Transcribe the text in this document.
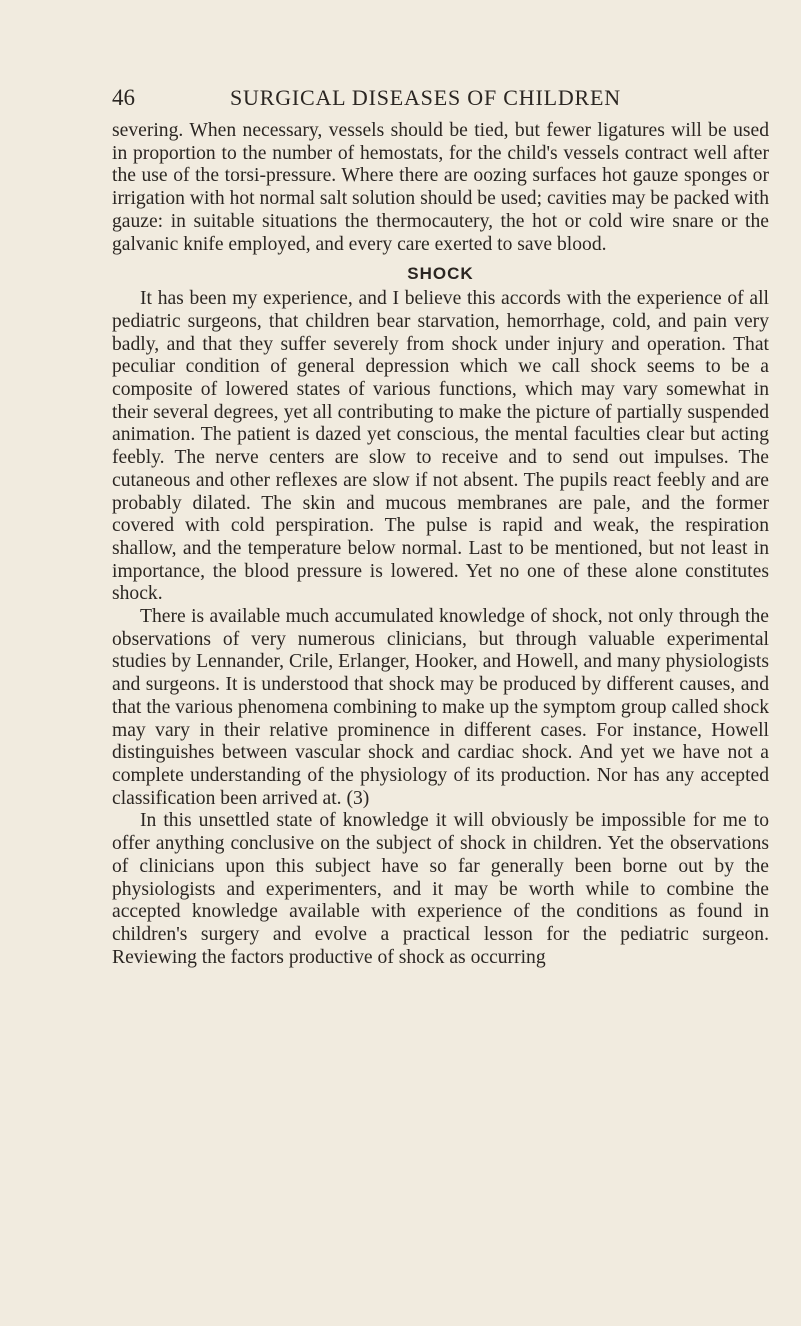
46	SURGICAL DISEASES OF CHILDREN

severing. When necessary, vessels should be tied, but fewer ligatures will be used in proportion to the number of hemostats, for the child's vessels contract well after the use of the torsi-pressure. Where there are oozing surfaces hot gauze sponges or irrigation with hot normal salt solution should be used; cavities may be packed with gauze: in suitable situations the thermocautery, the hot or cold wire snare or the galvanic knife employed, and every care exerted to save blood.

SHOCK

It has been my experience, and I believe this accords with the experience of all pediatric surgeons, that children bear starvation, hemorrhage, cold, and pain very badly, and that they suffer severely from shock under injury and operation. That peculiar condition of general depression which we call shock seems to be a composite of lowered states of various functions, which may vary somewhat in their several degrees, yet all contributing to make the picture of partially suspended animation. The patient is dazed yet conscious, the mental faculties clear but acting feebly. The nerve centers are slow to receive and to send out impulses. The cutaneous and other reflexes are slow if not absent. The pupils react feebly and are probably dilated. The skin and mucous membranes are pale, and the former covered with cold perspiration. The pulse is rapid and weak, the respiration shallow, and the temperature below normal. Last to be mentioned, but not least in importance, the blood pressure is lowered. Yet no one of these alone constitutes shock.

There is available much accumulated knowledge of shock, not only through the observations of very numerous clinicians, but through valuable experimental studies by Lennander, Crile, Erlanger, Hooker, and Howell, and many physiologists and surgeons. It is understood that shock may be produced by different causes, and that the various phenomena combining to make up the symptom group called shock may vary in their relative prominence in different cases. For instance, Howell distinguishes between vascular shock and cardiac shock. And yet we have not a complete understanding of the physiology of its production. Nor has any accepted classification been arrived at. (3)

In this unsettled state of knowledge it will obviously be impossible for me to offer anything conclusive on the subject of shock in children. Yet the observations of clinicians upon this subject have so far generally been borne out by the physiologists and experimenters, and it may be worth while to combine the accepted knowledge available with experience of the conditions as found in children's surgery and evolve a practical lesson for the pediatric surgeon. Reviewing the factors productive of shock as occurring
